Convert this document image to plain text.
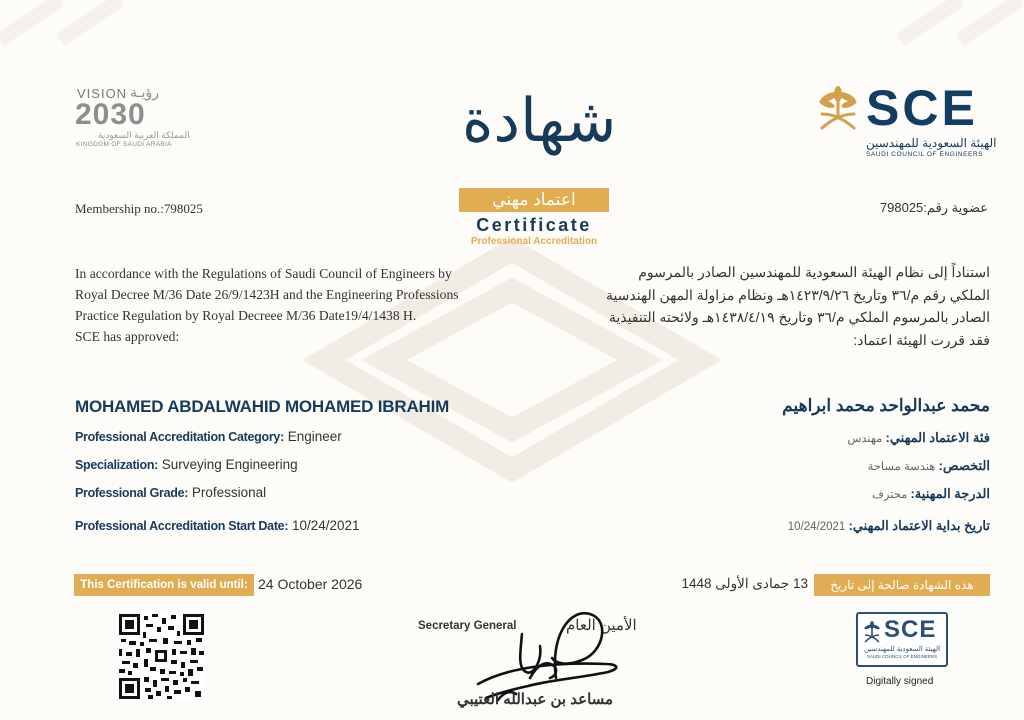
VISION رؤيـة
2030
المملكة العربية السعودية
KINGDOM OF SAUDI ARABIA
SCE
الهيئة السعودية للمهندسين
SAUDI COUNCIL OF ENGINEERS
شهادة
اعتماد مهني
Certificate
Professional Accreditation
Membership no.:798025	عضوية رقم:798025
In accordance with the Regulations of Saudi Council of Engineers by
Royal Decree M/36 Date 26/9/1423H and the Engineering Professions
Practice Regulation by Royal Decreee M/36 Date19/4/1438 H.
SCE has approved:
استناداً إلى نظام الهيئة السعودية للمهندسين الصادر بالمرسوم
الملكي رقم م/٣٦ وتاريخ ١٤٢٣/٩/٢٦هـ ونظام مزاولة المهن الهندسية
الصادر بالمرسوم الملكي م/٣٦ وتاريخ ١٤٣٨/٤/١٩هـ ولائحته التنفيذية
فقد قررت الهيئة اعتماد:
MOHAMED ABDALWAHID MOHAMED IBRAHIM	محمد عبدالواحد محمد ابراهيم
Professional Accreditation Category: Engineer
Specialization: Surveying Engineering
Professional Grade: Professional
Professional Accreditation Start Date: 10/24/2021
فئة الاعتماد المهني: مهندس
التخصص: هندسة مساحة
الدرجة المهنية: محترف
تاريخ بداية الاعتماد المهني: 10/24/2021
This Certification is valid until: 24 October 2026	هذه الشهادة صالحة إلى تاريخ
13 جمادى الأولى 1448
Secretary General	الأمين العام
مساعد بن عبدالله العتيبي
SCE
الهيئة السعودية للمهندسين
SAUDI COUNCIL OF ENGINEERS
Digitally signed
